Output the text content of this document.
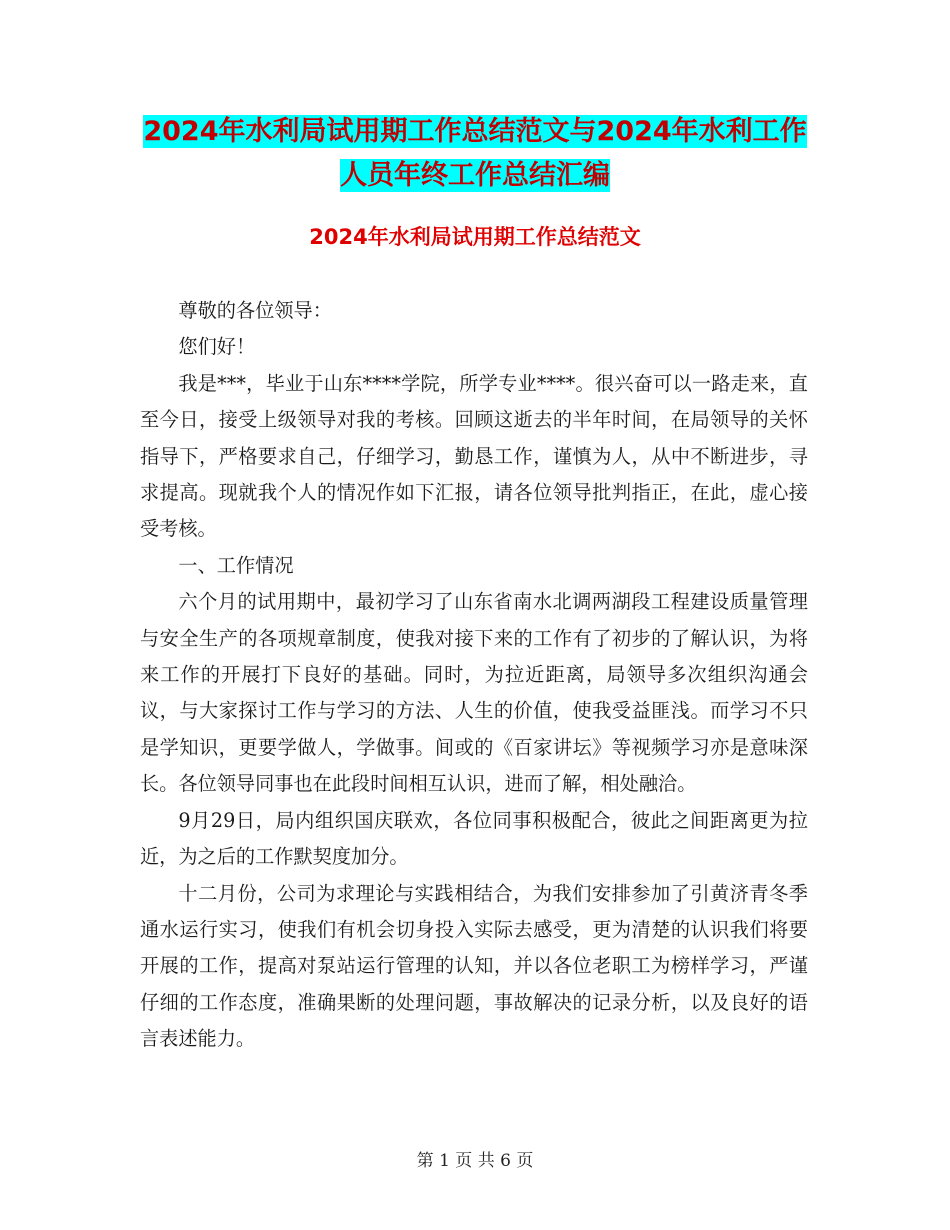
2024年水利局试用期工作总结范文与2024年水利工作
人员年终工作总结汇编
2024年水利局试用期工作总结范文

尊敬的各位领导：

您们好！

我是***，毕业于山东****学院，所学专业****。很兴奋可以一路走来，直至今日，接受上级领导对我的考核。回顾这逝去的半年时间，在局领导的关怀指导下，严格要求自己，仔细学习，勤恳工作，谨慎为人，从中不断进步，寻求提高。现就我个人的情况作如下汇报，请各位领导批判指正，在此，虚心接受考核。

一、工作情况

六个月的试用期中，最初学习了山东省南水北调两湖段工程建设质量管理与安全生产的各项规章制度，使我对接下来的工作有了初步的了解认识，为将来工作的开展打下良好的基础。同时，为拉近距离，局领导多次组织沟通会议，与大家探讨工作与学习的方法、人生的价值，使我受益匪浅。而学习不只是学知识，更要学做人，学做事。间或的《百家讲坛》等视频学习亦是意味深长。各位领导同事也在此段时间相互认识，进而了解，相处融洽。

9月29日，局内组织国庆联欢，各位同事积极配合，彼此之间距离更为拉近，为之后的工作默契度加分。

十二月份，公司为求理论与实践相结合，为我们安排参加了引黄济青冬季通水运行实习，使我们有机会切身投入实际去感受，更为清楚的认识我们将要开展的工作，提高对泵站运行管理的认知，并以各位老职工为榜样学习，严谨仔细的工作态度，准确果断的处理问题，事故解决的记录分析，以及良好的语言表述能力。

第 1 页 共 6 页
